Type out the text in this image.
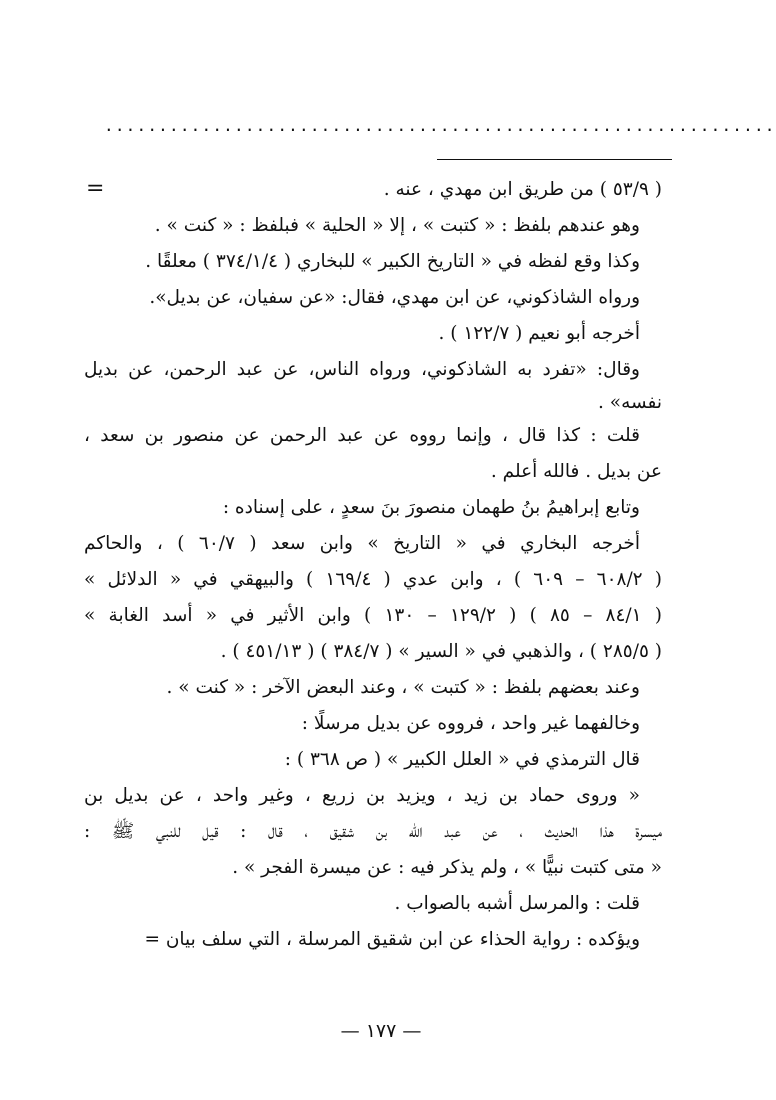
..............................................................
=	( ٥٣/٩ ) من طريق ابن مهدي ، عنه .
وهو عندهم بلفظ : « كتبت » ، إلا « الحلية » فبلفظ : « كنت » .
وكذا وقع لفظه في « التاريخ الكبير » للبخاري ( ٣٧٤/١/٤ ) معلقًا .
ورواه الشاذكوني، عن ابن مهدي، فقال: «عن سفيان، عن بديل».
أخرجه أبو نعيم ( ١٢٢/٧ ) .
وقال: «تفرد به الشاذكوني، ورواه الناس، عن عبد الرحمن، عن بديل
نفسه» .
قلت : كذا قال ، وإنما رووه عن عبد الرحمن عن منصور بن سعد ،
عن بديل . فالله أعلم .
وتابع إبراهيمُ بنُ طهمان منصورَ بنَ سعدٍ ، على إسناده :
أخرجه البخاري في « التاريخ » وابن سعد ( ٦٠/٧ ) ، والحاكم
( ٦٠٨/٢ – ٦٠٩ ) ، وابن عدي ( ١٦٩/٤ ) والبيهقي في « الدلائل »
( ٨٤/١ – ٨٥ ) ( ١٢٩/٢ – ١٣٠ ) وابن الأثير في « أسد الغابة »
( ٢٨٥/٥ ) ، والذهبي في « السير » ( ٣٨٤/٧ ) ( ٤٥١/١٣ ) .
وعند بعضهم بلفظ : « كتبت » ، وعند البعض الآخر : « كنت » .
وخالفهما غير واحد ، فرووه عن بديل مرسلًا :
قال الترمذي في « العلل الكبير » ( ص ٣٦٨ ) :
« وروى حماد بن زيد ، ويزيد بن زريع ، وغير واحد ، عن بديل بن
ميسرة هذا الحديث ، عن عبد الله بن شقيق ، قال : قيل للنبي ﷺ :
« متى كتبت نبيًّا » ، ولم يذكر فيه : عن ميسرة الفجر » .
قلت : والمرسل أشبه بالصواب .
ويؤكده : رواية الحذاء عن ابن شقيق المرسلة ، التي سلف بيان =
— ١٧٧ —
